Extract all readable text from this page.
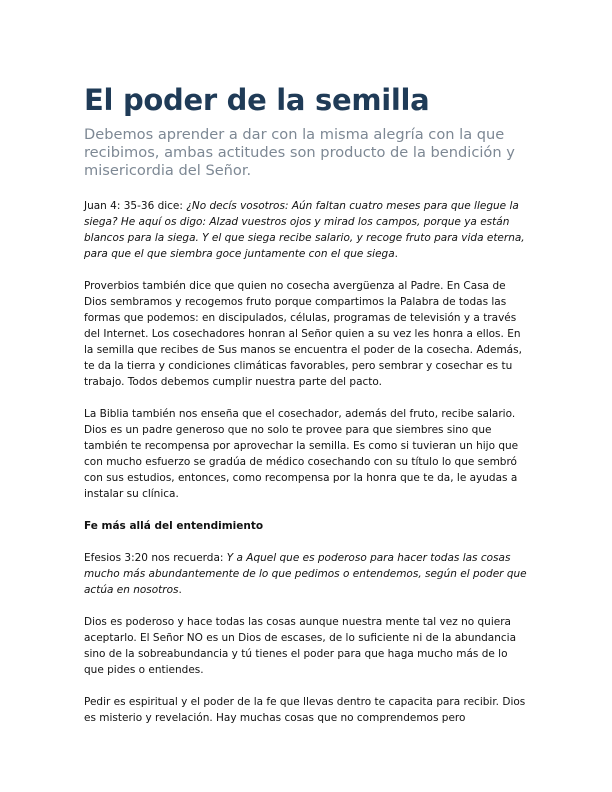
El poder de la semilla
Debemos aprender a dar con la misma alegría con la que recibimos, ambas actitudes son producto de la bendición y misericordia del Señor.

Juan 4: 35-36 dice: ¿No decís vosotros: Aún faltan cuatro meses para que llegue la siega? He aquí os digo: Alzad vuestros ojos y mirad los campos, porque ya están blancos para la siega. Y el que siega recibe salario, y recoge fruto para vida eterna, para que el que siembra goce juntamente con el que siega.

Proverbios también dice que quien no cosecha avergüenza al Padre. En Casa de Dios sembramos y recogemos fruto porque compartimos la Palabra de todas las formas que podemos: en discipulados, células, programas de televisión y a través del Internet. Los cosechadores honran al Señor quien a su vez les honra a ellos. En la semilla que recibes de Sus manos se encuentra el poder de la cosecha. Además, te da la tierra y condiciones climáticas favorables, pero sembrar y cosechar es tu trabajo. Todos debemos cumplir nuestra parte del pacto.

La Biblia también nos enseña que el cosechador, además del fruto, recibe salario. Dios es un padre generoso que no solo te provee para que siembres sino que también te recompensa por aprovechar la semilla. Es como si tuvieran un hijo que con mucho esfuerzo se gradúa de médico cosechando con su título lo que sembró con sus estudios, entonces, como recompensa por la honra que te da, le ayudas a instalar su clínica.

Fe más allá del entendimiento

Efesios 3:20 nos recuerda: Y a Aquel que es poderoso para hacer todas las cosas mucho más abundantemente de lo que pedimos o entendemos, según el poder que actúa en nosotros.

Dios es poderoso y hace todas las cosas aunque nuestra mente tal vez no quiera aceptarlo. El Señor NO es un Dios de escases, de lo suficiente ni de la abundancia sino de la sobreabundancia y tú tienes el poder para que haga mucho más de lo que pides o entiendes.

Pedir es espiritual y el poder de la fe que llevas dentro te capacita para recibir. Dios es misterio y revelación. Hay muchas cosas que no comprendemos pero
